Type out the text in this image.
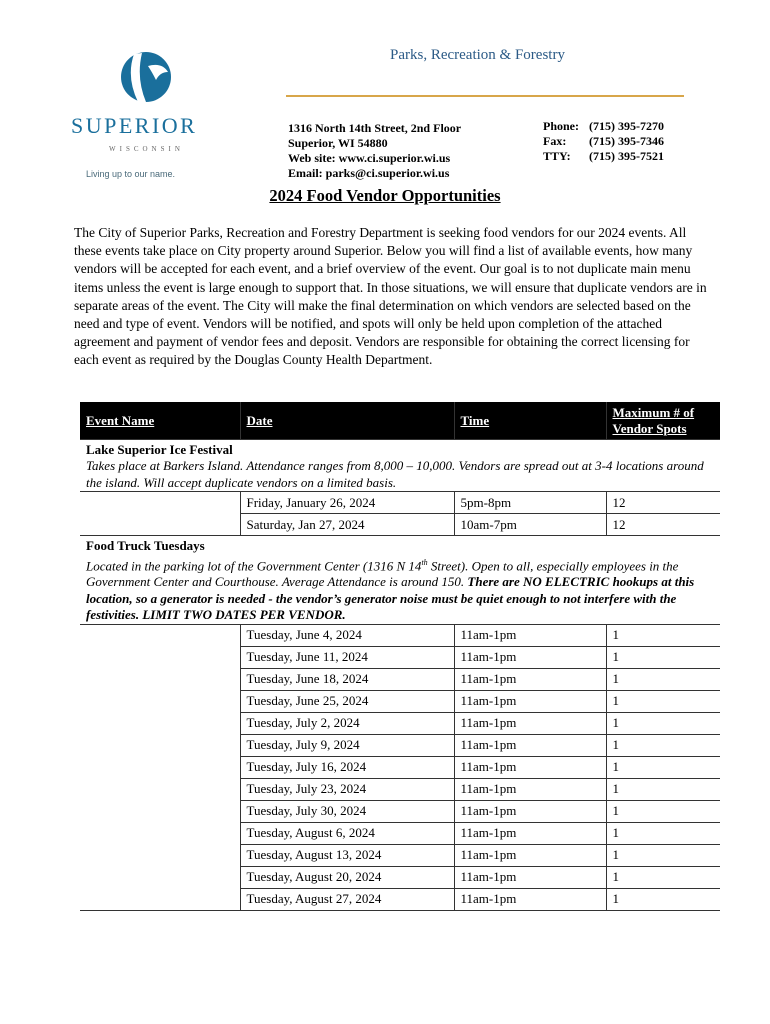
SUPERIOR
WISCONSIN
Living up to our name.
Parks, Recreation & Forestry
1316 North 14th Street, 2nd Floor
Superior, WI 54880
Web site: www.ci.superior.wi.us
Email: parks@ci.superior.wi.us
Phone: (715) 395-7270
Fax: (715) 395-7346
TTY: (715) 395-7521
2024 Food Vendor Opportunities
The City of Superior Parks, Recreation and Forestry Department is seeking food vendors for our 2024 events. All these events take place on City property around Superior. Below you will find a list of available events, how many vendors will be accepted for each event, and a brief overview of the event. Our goal is to not duplicate main menu items unless the event is large enough to support that. In those situations, we will ensure that duplicate vendors are in separate areas of the event. The City will make the final determination on which vendors are selected based on the need and type of event. Vendors will be notified, and spots will only be held upon completion of the attached agreement and payment of vendor fees and deposit. Vendors are responsible for obtaining the correct licensing for each event as required by the Douglas County Health Department.
Event Name	Date	Time	Maximum # of
Vendor Spots

Lake Superior Ice Festival
Takes place at Barkers Island. Attendance ranges from 8,000 – 10,000. Vendors are spread out at 3-4 locations around the island. Will accept duplicate vendors on a limited basis.			

	Friday, January 26, 2024	5pm-8pm	12
	Saturday, Jan 27, 2024	10am-7pm	12

Food Truck Tuesdays
Located in the parking lot of the Government Center (1316 N 14th Street). Open to all, especially employees in the Government Center and Courthouse. Average Attendance is around 150. There are NO ELECTRIC hookups at this location, so a generator is needed - the vendor’s generator noise must be quiet enough to not interfere with the festivities. LIMIT TWO DATES PER VENDOR.			

	Tuesday, June 4, 2024	11am-1pm	1
	Tuesday, June 11, 2024	11am-1pm	1
	Tuesday, June 18, 2024	11am-1pm	1
	Tuesday, June 25, 2024	11am-1pm	1
	Tuesday, July 2, 2024	11am-1pm	1
	Tuesday, July 9, 2024	11am-1pm	1
	Tuesday, July 16, 2024	11am-1pm	1
	Tuesday, July 23, 2024	11am-1pm	1
	Tuesday, July 30, 2024	11am-1pm	1
	Tuesday, August 6, 2024	11am-1pm	1
	Tuesday, August 13, 2024	11am-1pm	1
	Tuesday, August 20, 2024	11am-1pm	1
	Tuesday, August 27, 2024	11am-1pm	1
